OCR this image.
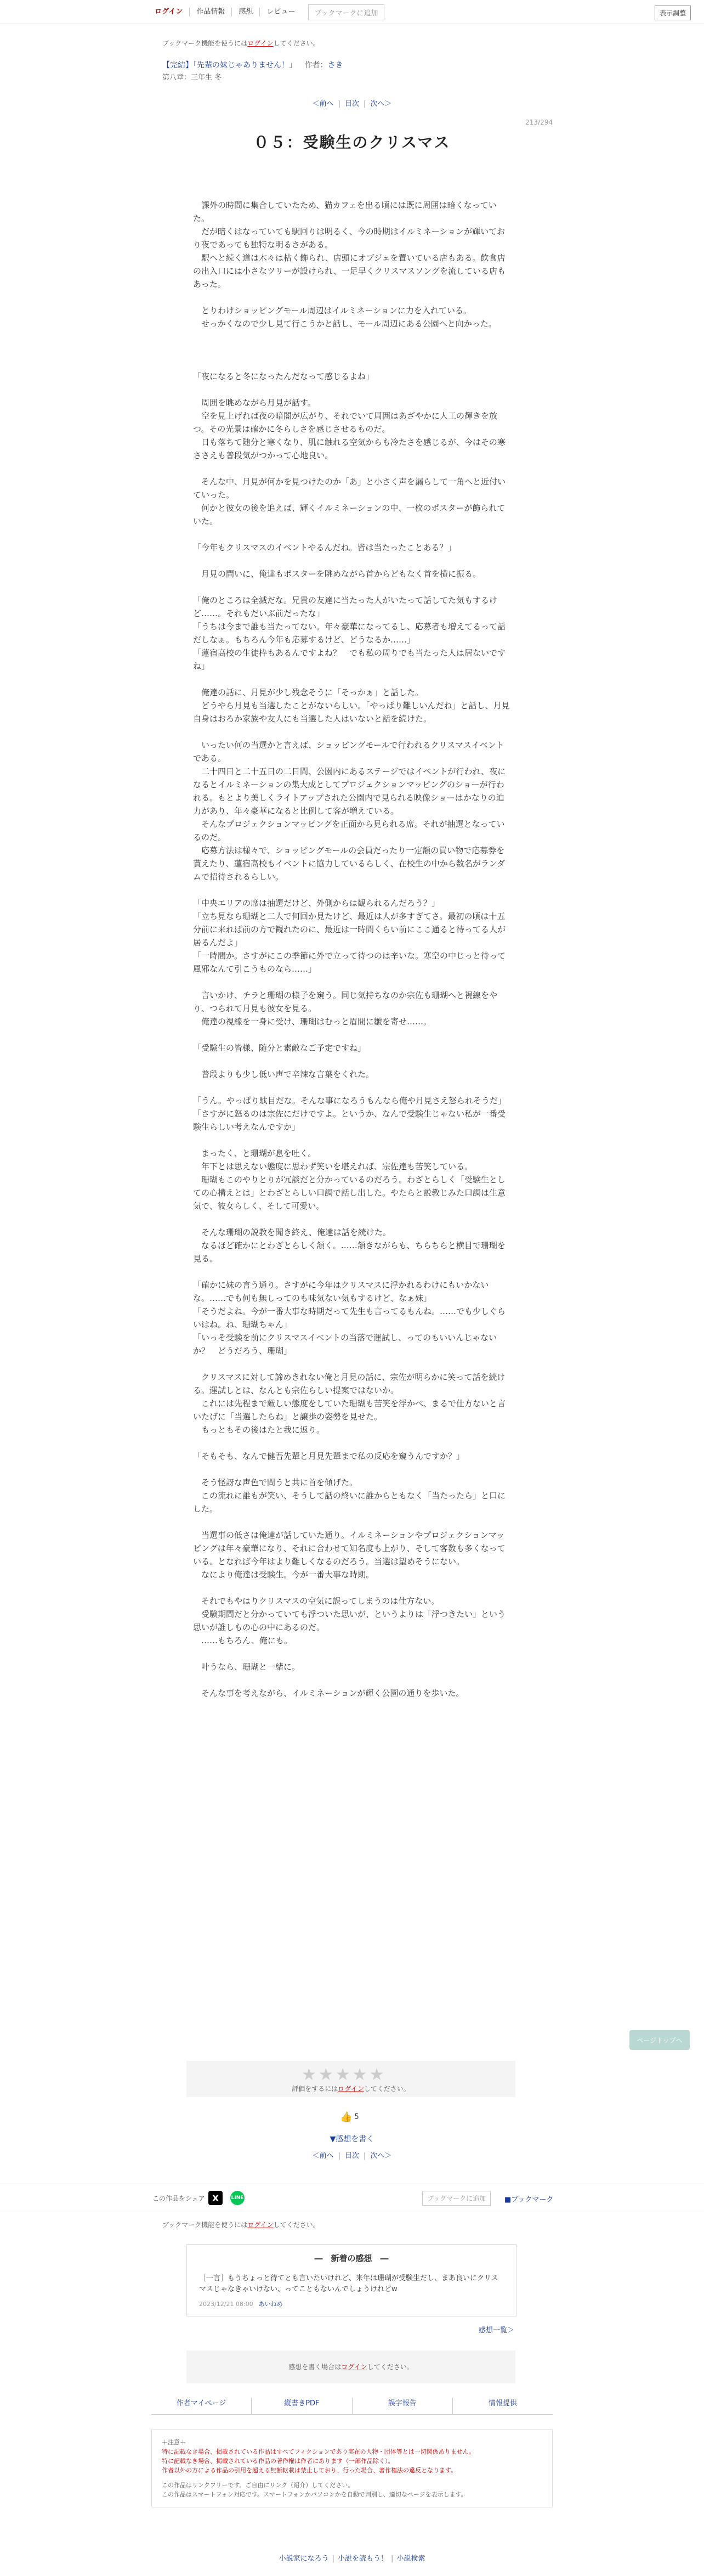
ログイン	作品情報	感想	レビュー	ブックマークに追加	表示調整
ブックマーク機能を使うにはログインしてください。
【完結】「先輩の妹じゃありません！」 作者：さき
第八章：三年生 冬
＜前へ | 目次 | 次へ＞
213/294
０５：受験生のクリスマス

　課外の時間に集合していたため、猫カフェを出る頃には既に周囲は暗くなっていた。

　だが暗くはなっていても駅回りは明るく、今の時期はイルミネーションが輝いており夜であっても独特な明るさがある。

　駅へと続く道は木々は枯く飾られ、店頭にオブジェを置いている店もある。飲食店の出入口には小さなツリーが設けられ、一足早くクリスマスソングを流している店もあった。

　とりわけショッピングモール周辺はイルミネーションに力を入れている。

　せっかくなので少し見て行こうかと話し、モール周辺にある公園へと向かった。

「夜になると冬になったんだなって感じるよね」

　周囲を眺めながら月見が話す。

　空を見上げれば夜の暗闇が広がり、それでいて周囲はあざやかに人工の輝きを放つ。その光景は確かに冬らしさを感じさせるものだ。

　日も落ちて随分と寒くなり、肌に触れる空気からも冷たさを感じるが、今はその寒ささえも普段気がつかって心地良い。

　そんな中、月見が何かを見つけたのか「あ」と小さく声を漏らして一角へと近付いていった。

　何かと彼女の後を追えば、輝くイルミネーションの中、一枚のポスターが飾られていた。

「今年もクリスマスのイベントやるんだね。皆は当たったことある？」

　月見の問いに、俺達もポスターを眺めながら首からどもなく首を横に振る。

「俺のところは全滅だな。兄貴の友達に当たった人がいたって話してた気もするけど……。それもだいぶ前だったな」

「うちは今まで誰も当たってない。年々豪華になってるし、応募者も増えてるって話だしなぁ。もちろん今年も応募するけど、どうなるか……」

「蓮宿高校の生徒枠もあるんですよね？　でも私の周りでも当たった人は居ないですね」

　俺達の話に、月見が少し残念そうに「そっかぁ」と話した。

　どうやら月見も当選したことがないらしい。「やっぱり難しいんだね」と話し、月見自身はおろか家族や友人にも当選した人はいないと話を続けた。

　いったい何の当選かと言えば、ショッピングモールで行われるクリスマスイベントである。

　二十四日と二十五日の二日間、公園内にあるステージではイベントが行われ、夜になるとイルミネーションの集大成としてプロジェクションマッピングのショーが行われる。もとより美しくライトアップされた公園内で見られる映像ショーはかなりの迫力があり、年々豪華になると比例して客が増えている。

　そんなプロジェクションマッピングを正面から見られる席。それが抽選となっているのだ。

　応募方法は様々で、ショッピングモールの会員だったり一定額の買い物で応募券を貰えたり、蓮宿高校もイベントに協力しているらしく、在校生の中から数名がランダムで招待されるらしい。

「中央エリアの席は抽選だけど、外側からは観られるんだろう？」

「立ち見なら珊瑚と二人で何回か見たけど、最近は人が多すぎてさ。最初の頃は十五分前に来れば前の方で観れたのに、最近は一時間くらい前にここ通ると待ってる人が居るんだよ」

「一時間か。さすがにこの季節に外で立って待つのは辛いな。寒空の中じっと待って風邪なんて引こうものなら……」

　言いかけ、チラと珊瑚の様子を窺う。同じ気持ちなのか宗佐も珊瑚へと視線をやり、つられて月見も彼女を見る。

　俺達の視線を一身に受け、珊瑚はむっと眉間に皺を寄せ……。

「受験生の皆様、随分と素敵なご予定ですね」

　普段よりも少し低い声で辛辣な言葉をくれた。

「うん。やっぱり駄目だな。そんな事になろうもんなら俺や月見さえ怒られそうだ」

「さすがに怒るのは宗佐にだけですよ。というか、なんで受験生じゃない私が一番受験生らしい考えなんですか」

　まったく、と珊瑚が息を吐く。

　年下とは思えない態度に思わず笑いを堪えれば、宗佐達も苦笑している。

　珊瑚もこのやりとりが冗談だと分かっているのだろう。わざとらしく「受験生としての心構えとは」とわざとらしい口調で話し出した。やたらと説教じみた口調は生意気で、彼女らしく、そして可愛い。

　そんな珊瑚の説教を聞き終え、俺達は話を続けた。

　なるほど確かにとわざとらしく頷く。……頷きながらも、ちらちらと横目で珊瑚を見る。

「確かに妹の言う通り。さすがに今年はクリスマスに浮かれるわけにもいかないな。……でも何も無しってのも味気ない気もするけど、なぁ妹」

「そうだよね。今が一番大事な時期だって先生も言ってるもんね。……でも少しぐらいはね。ね、珊瑚ちゃん」

「いっそ受験を前にクリスマスイベントの当落で運試し、ってのもいいんじゃないか？　どうだろう、珊瑚」

　クリスマスに対して諦めきれない俺と月見の話に、宗佐が明らかに笑って話を続ける。運試しとは、なんとも宗佐らしい提案ではないか。

　これには先程まで厳しい態度をしていた珊瑚も苦笑を浮かべ、まるで仕方ないと言いたげに「当選したらね」と譲歩の姿勢を見せた。

　もっともその後はたと我に返り。

「そもそも、なんで健吾先輩と月見先輩まで私の反応を窺うんですか？」

　そう怪訝な声色で問うと共に首を傾げた。

　この流れに誰もが笑い、そうして話の終いに誰からともなく「当たったら」と口にした。

　当選事の低さは俺達が話していた通り。イルミネーションやプロジェクションマッピングは年々豪華になり、それに合わせて知名度も上がり、そして客数も多くなっている。となれば今年はより難しくなるのだろう。当選は望めそうにない。

　なにより俺達は受験生。今が一番大事な時期。

　それでもやはりクリスマスの空気に誤ってしまうのは仕方ない。

　受験期間だと分かっていても浮ついた思いが、というよりは「浮つきたい」という思いが誰しもの心の中にあるのだ。

　……もちろん、俺にも。

　叶うなら、珊瑚と一緒に。

　そんな事を考えながら、イルミネーションが輝く公園の通りを歩いた。

ページトップへ
★★★★★
評価をするにはログインしてください。
👍 5
▼感想を書く
＜前へ | 目次 | 次へ＞
この作品をシェア X	LINE	ブックマークに追加	■ブックマーク
ブックマーク機能を使うにはログインしてください。
―　新着の感想　―
［一言］もうちょっと待てとも言いたいけれど、来年は珊瑚が受験生だし、まあ良いにクリスマスじゃなきゃいけない、ってこともないんでしょうけれどw
2023/12/21 08:00 あいねめ
感想一覧＞
感想を書く場合はログインしてください。
作者マイページ	縦書きPDF	誤字報告	情報提供
＋注意＋
特に記載なき場合、掲載されている作品はすべてフィクションであり実在の人物・団体等とは一切関係ありません。
特に記載なき場合、掲載されている作品の著作権は作者にあります（一部作品除く）。
作者以外の方による作品の引用を超える無断転載は禁止しており、行った場合、著作権法の違反となります。
この作品はリンクフリーです。ご自由にリンク（紹介）してください。
この作品はスマートフォン対応です。スマートフォンかパソコンかを自動で判別し、適切なページを表示します。
小説家になろう | 小説を読もう！ | 小説検索
